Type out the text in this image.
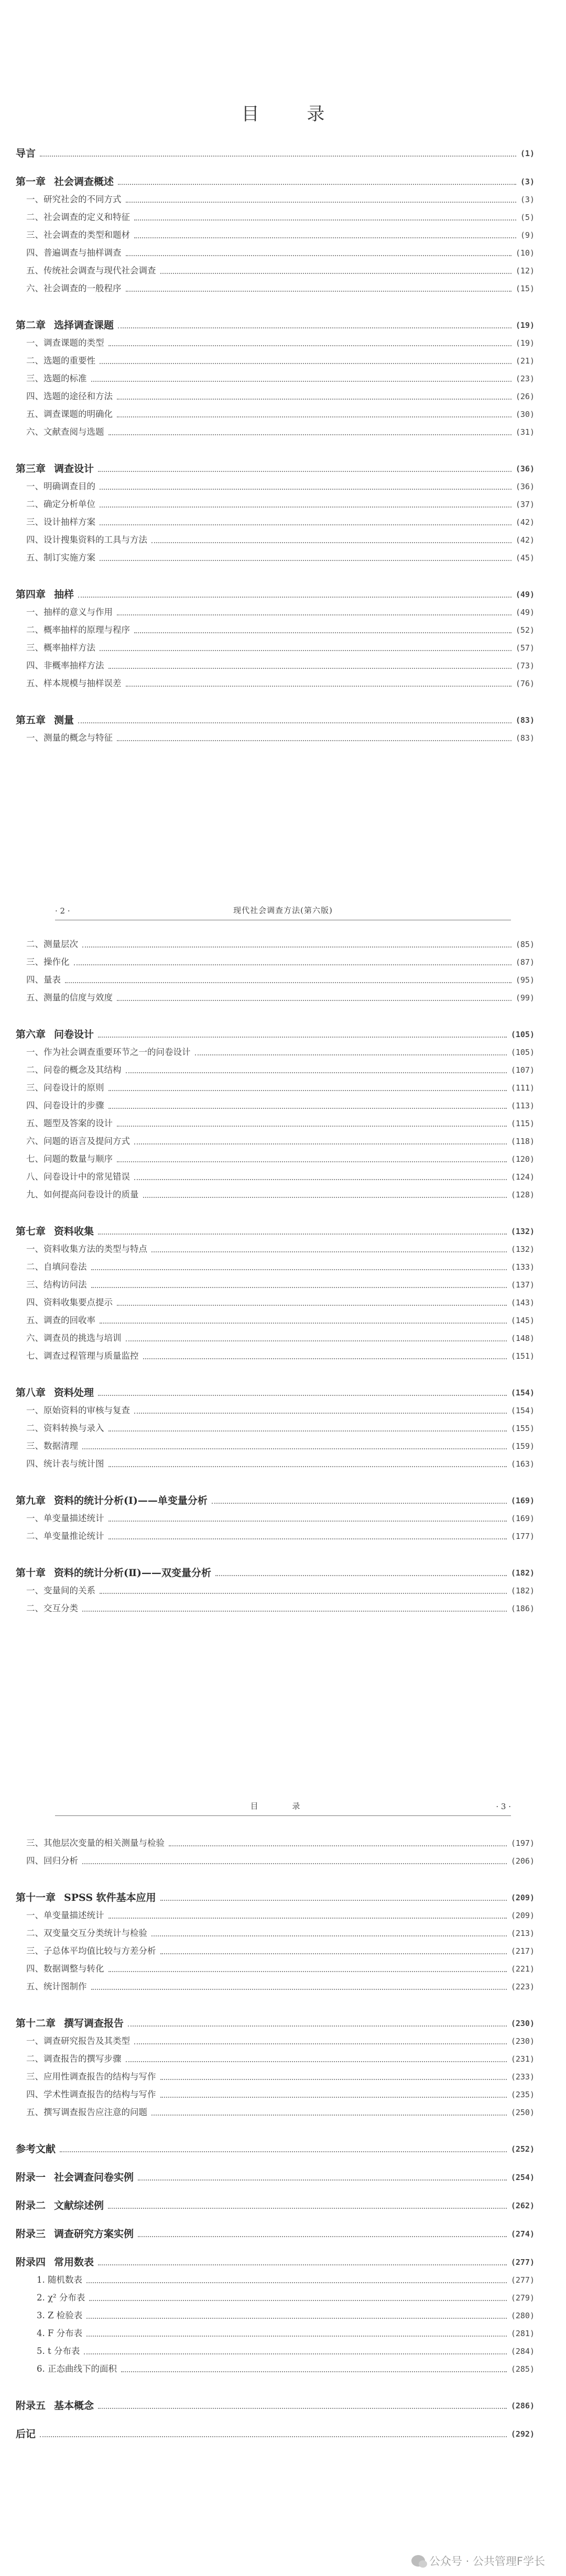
目 录
导言	(1)
第一章 社会调查概述	(3)
一、研究社会的不同方式	(3)
二、社会调查的定义和特征	(5)
三、社会调查的类型和题材	(9)
四、普遍调查与抽样调查	(10)
五、传统社会调查与现代社会调查	(12)
六、社会调查的一般程序	(15)
第二章 选择调查课题	(19)
一、调查课题的类型	(19)
二、选题的重要性	(21)
三、选题的标准	(23)
四、选题的途径和方法	(26)
五、调查课题的明确化	(30)
六、文献查阅与选题	(31)
第三章 调查设计	(36)
一、明确调查目的	(36)
二、确定分析单位	(37)
三、设计抽样方案	(42)
四、设计搜集资料的工具与方法	(42)
五、制订实施方案	(45)
第四章 抽样	(49)
一、抽样的意义与作用	(49)
二、概率抽样的原理与程序	(52)
三、概率抽样方法	(57)
四、非概率抽样方法	(73)
五、样本规模与抽样误差	(76)
第五章 测量	(83)
一、测量的概念与特征	(83)
· 2 ·	现代社会调查方法(第六版)
二、测量层次	(85)
三、操作化	(87)
四、量表	(95)
五、测量的信度与效度	(99)
第六章 问卷设计	(105)
一、作为社会调查重要环节之一的问卷设计	(105)
二、问卷的概念及其结构	(107)
三、问卷设计的原则	(111)
四、问卷设计的步骤	(113)
五、题型及答案的设计	(115)
六、问题的语言及提问方式	(118)
七、问题的数量与顺序	(120)
八、问卷设计中的常见错误	(124)
九、如何提高问卷设计的质量	(128)
第七章 资料收集	(132)
一、资料收集方法的类型与特点	(132)
二、自填问卷法	(133)
三、结构访问法	(137)
四、资料收集要点提示	(143)
五、调查的回收率	(145)
六、调查员的挑选与培训	(148)
七、调查过程管理与质量监控	(151)
第八章 资料处理	(154)
一、原始资料的审核与复查	(154)
二、资料转换与录入	(155)
三、数据清理	(159)
四、统计表与统计图	(163)
第九章 资料的统计分析(Ⅰ)——单变量分析	(169)
一、单变量描述统计	(169)
二、单变量推论统计	(177)
第十章 资料的统计分析(Ⅱ)——双变量分析	(182)
一、变量间的关系	(182)
二、交互分类	(186)
目 录	· 3 ·
三、其他层次变量的相关测量与检验	(197)
四、回归分析	(206)
第十一章 SPSS 软件基本应用	(209)
一、单变量描述统计	(209)
二、双变量交互分类统计与检验	(213)
三、子总体平均值比较与方差分析	(217)
四、数据调整与转化	(221)
五、统计图制作	(223)
第十二章 撰写调查报告	(230)
一、调查研究报告及其类型	(230)
二、调查报告的撰写步骤	(231)
三、应用性调查报告的结构与写作	(233)
四、学术性调查报告的结构与写作	(235)
五、撰写调查报告应注意的问题	(250)
参考文献	(252)
附录一 社会调查问卷实例	(254)
附录二 文献综述例	(262)
附录三 调查研究方案实例	(274)
附录四 常用数表	(277)
1. 随机数表	(277)
2. χ² 分布表	(279)
3. Z 检验表	(280)
4. F 分布表	(281)
5. t 分布表	(284)
6. 正态曲线下的面积	(285)
附录五 基本概念	(286)
后记	(292)
公众号 · 公共管理F学长
